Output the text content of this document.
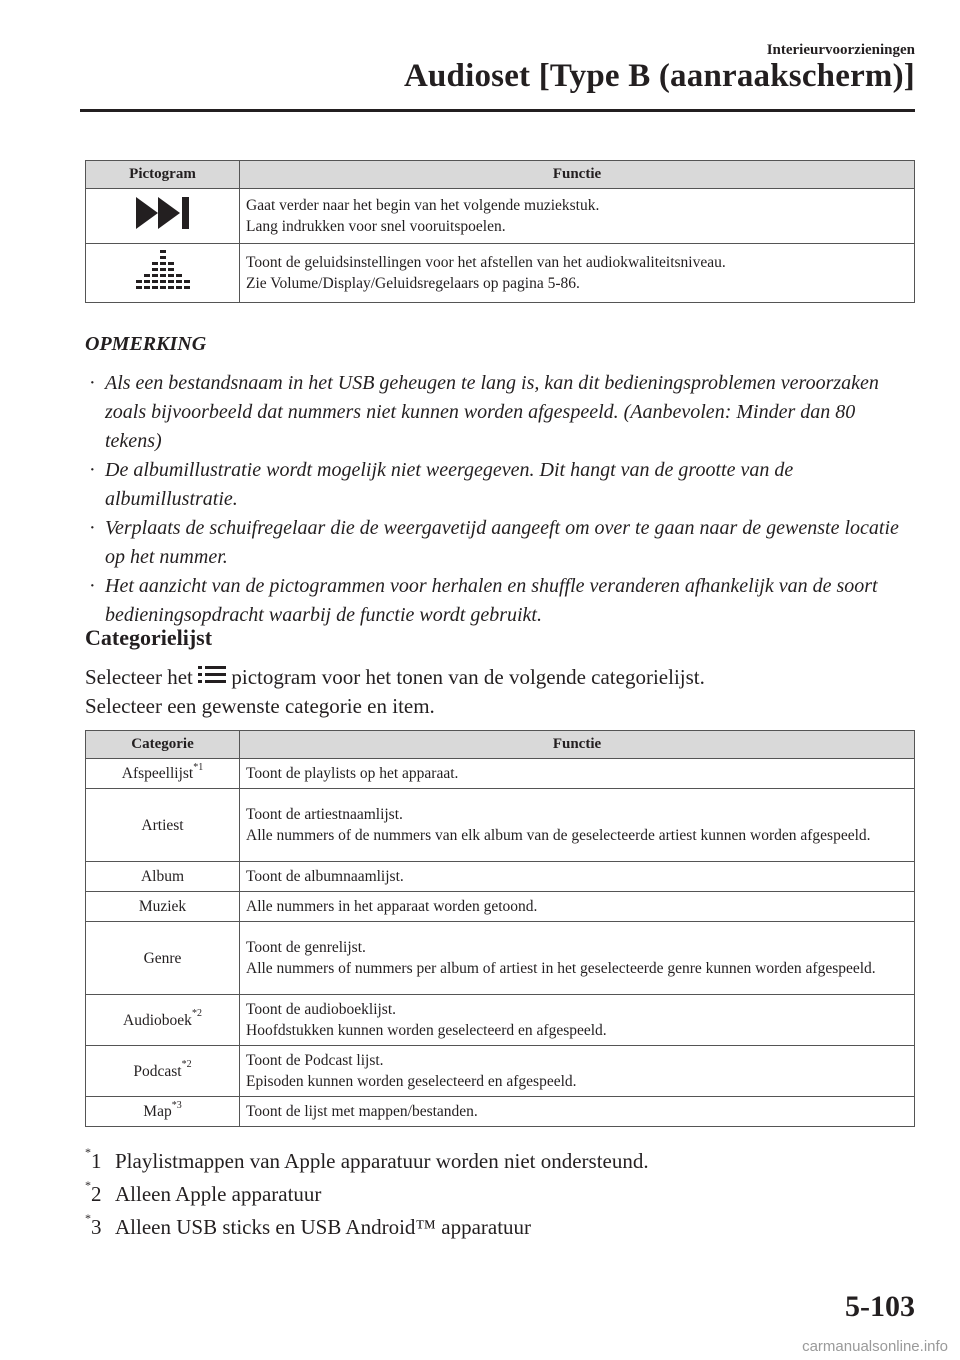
Interieurvoorzieningen
Audioset [Type B (aanraakscherm)]
Pictogram	Functie

Gaat verder naar het begin van het volgende muziekstuk.
Lang indrukken voor snel vooruitspoelen.

Toont de geluidsinstellingen voor het afstellen van het audiokwaliteitsniveau.
Zie Volume/Display/Geluidsregelaars op pagina 5-86.
OPMERKING
· Als een bestandsnaam in het USB geheugen te lang is, kan dit bedieningsproblemen veroorzaken zoals bijvoorbeeld dat nummers niet kunnen worden afgespeeld. (Aanbevolen: Minder dan 80 tekens)
· De albumillustratie wordt mogelijk niet weergegeven. Dit hangt van de grootte van de albumillustratie.
· Verplaats de schuifregelaar die de weergavetijd aangeeft om over te gaan naar de gewenste locatie op het nummer.
· Het aanzicht van de pictogrammen voor herhalen en shuffle veranderen afhankelijk van de soort bedieningsopdracht waarbij de functie wordt gebruikt.
Categorielijst
Selecteer het pictogram voor het tonen van de volgende categorielijst.
Selecteer een gewenste categorie en item.
Categorie	Functie
Afspeellijst$^{*1}$	Toont de playlists op het apparaat.

Artiest	Toont de artiestnaamlijst.
Alle nummers of de nummers van elk album van de geselecteerde artiest kunnen worden afgespeeld.

Album	Toont de albumnaamlijst.

Muziek	Alle nummers in het apparaat worden getoond.

Genre	Toont de genrelijst.
Alle nummers of nummers per album of artiest in het geselecteerde genre kunnen worden afgespeeld.

Audioboek$^{*2}$	Toont de audioboeklijst.
Hoofdstukken kunnen worden geselecteerd en afgespeeld.

Podcast$^{*2}$	Toont de Podcast lijst.
Episoden kunnen worden geselecteerd en afgespeeld.

Map$^{*3}$	Toont de lijst met mappen/bestanden.
*1 Playlistmappen van Apple apparatuur worden niet ondersteund.
*2 Alleen Apple apparatuur
*3 Alleen USB sticks en USB Android™ apparatuur
5-103
carmanualsonline.info
